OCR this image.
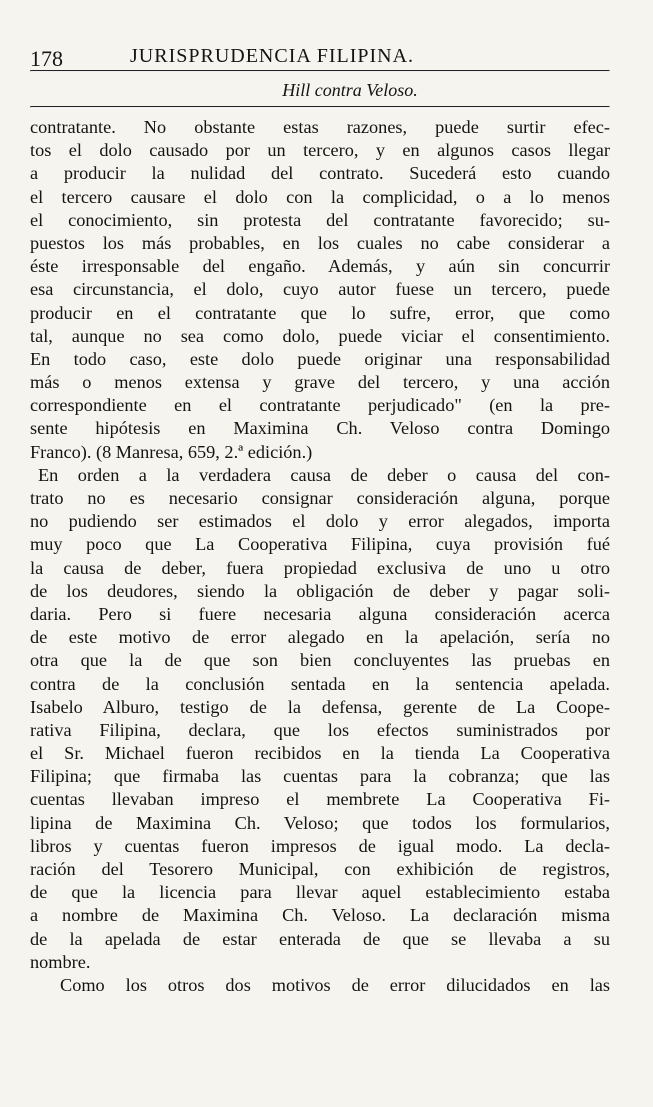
178	JURISPRUDENCIA FILIPINA.
Hill contra Veloso.
contratante. No obstante estas razones, puede surtir efec-
tos el dolo causado por un tercero, y en algunos casos llegar
a producir la nulidad del contrato. Sucederá esto cuando
el tercero causare el dolo con la complicidad, o a lo menos
el conocimiento, sin protesta del contratante favorecido; su-
puestos los más probables, en los cuales no cabe considerar a
éste irresponsable del engaño. Además, y aún sin concurrir
esa circunstancia, el dolo, cuyo autor fuese un tercero, puede
producir en el contratante que lo sufre, error, que como
tal, aunque no sea como dolo, puede viciar el consentimiento.
En todo caso, este dolo puede originar una responsabilidad
más o menos extensa y grave del tercero, y una acción
correspondiente en el contratante perjudicado" (en la pre-
sente hipótesis en Maximina Ch. Veloso contra Domingo
Franco). (8 Manresa, 659, 2.ª edición.)
En orden a la verdadera causa de deber o causa del con-
trato no es necesario consignar consideración alguna, porque
no pudiendo ser estimados el dolo y error alegados, importa
muy poco que La Cooperativa Filipina, cuya provisión fué
la causa de deber, fuera propiedad exclusiva de uno u otro
de los deudores, siendo la obligación de deber y pagar soli-
daria. Pero si fuere necesaria alguna consideración acerca
de este motivo de error alegado en la apelación, sería no
otra que la de que son bien concluyentes las pruebas en
contra de la conclusión sentada en la sentencia apelada.
Isabelo Alburo, testigo de la defensa, gerente de La Coope-
rativa Filipina, declara, que los efectos suministrados por
el Sr. Michael fueron recibidos en la tienda La Cooperativa
Filipina; que firmaba las cuentas para la cobranza; que las
cuentas llevaban impreso el membrete La Cooperativa Fi-
lipina de Maximina Ch. Veloso; que todos los formularios,
libros y cuentas fueron impresos de igual modo. La decla-
ración del Tesorero Municipal, con exhibición de registros,
de que la licencia para llevar aquel establecimiento estaba
a nombre de Maximina Ch. Veloso. La declaración misma
de la apelada de estar enterada de que se llevaba a su
nombre.
Como los otros dos motivos de error dilucidados en las
